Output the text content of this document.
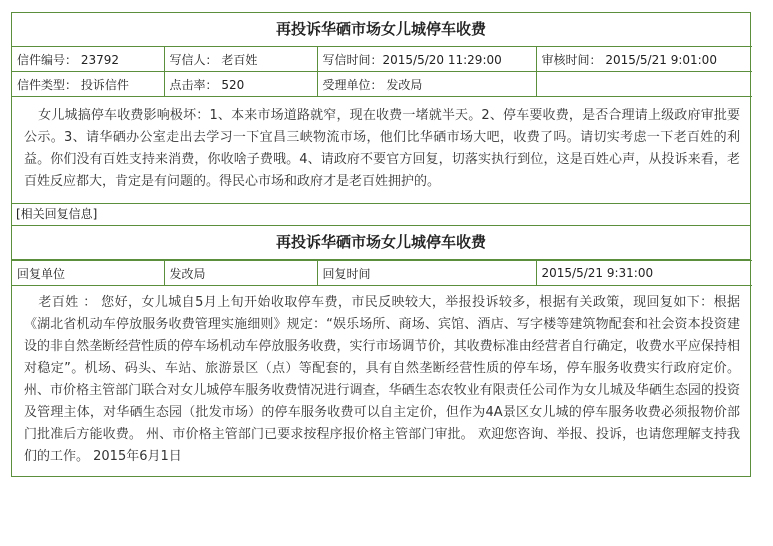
再投诉华硒市场女儿城停车收费
信件编号： 23792	写信人： 老百姓	写信时间：2015/5/20 11:29:00	审核时间： 2015/5/21 9:01:00
信件类型： 投诉信件	点击率： 520	受理单位： 发改局	
女儿城搞停车收费影响极坏：1、本来市场道路就窄，现在收费一堵就半天。2、停车要收费，是否合理请上级政府审批要公示。3、请华硒办公室走出去学习一下宜昌三峡物流市场，他们比华硒市场大吧，收费了吗。请切实考虑一下老百姓的利益。你们没有百姓支持来消费，你收啥子费哦。4、请政府不要官方回复，切落实执行到位，这是百姓心声，从投诉来看，老百姓反应都大，肯定是有问题的。得民心市场和政府才是老百姓拥护的。
[相关回复信息]
再投诉华硒市场女儿城停车收费
回复单位	发改局	回复时间	2015/5/21 9:31:00
老百姓 ： 您好，女儿城自5月上旬开始收取停车费，市民反映较大，举报投诉较多，根据有关政策，现回复如下：根据《湖北省机动车停放服务收费管理实施细则》规定：“娱乐场所、商场、宾馆、酒店、写字楼等建筑物配套和社会资本投资建设的非自然垄断经营性质的停车场机动车停放服务收费，实行市场调节价，其收费标准由经营者自行确定，收费水平应保持相对稳定”。机场、码头、车站、旅游景区（点）等配套的，具有自然垄断经营性质的停车场，停车服务收费实行政府定价。 州、市价格主管部门联合对女儿城停车服务收费情况进行调查，华硒生态农牧业有限责任公司作为女儿城及华硒生态园的投资及管理主体，对华硒生态园（批发市场）的停车服务收费可以自主定价，但作为4A景区女儿城的停车服务收费必须报物价部门批准后方能收费。 州、市价格主管部门已要求按程序报价格主管部门审批。 欢迎您咨询、举报、投诉，也请您理解支持我们的工作。 2015年6月1日
